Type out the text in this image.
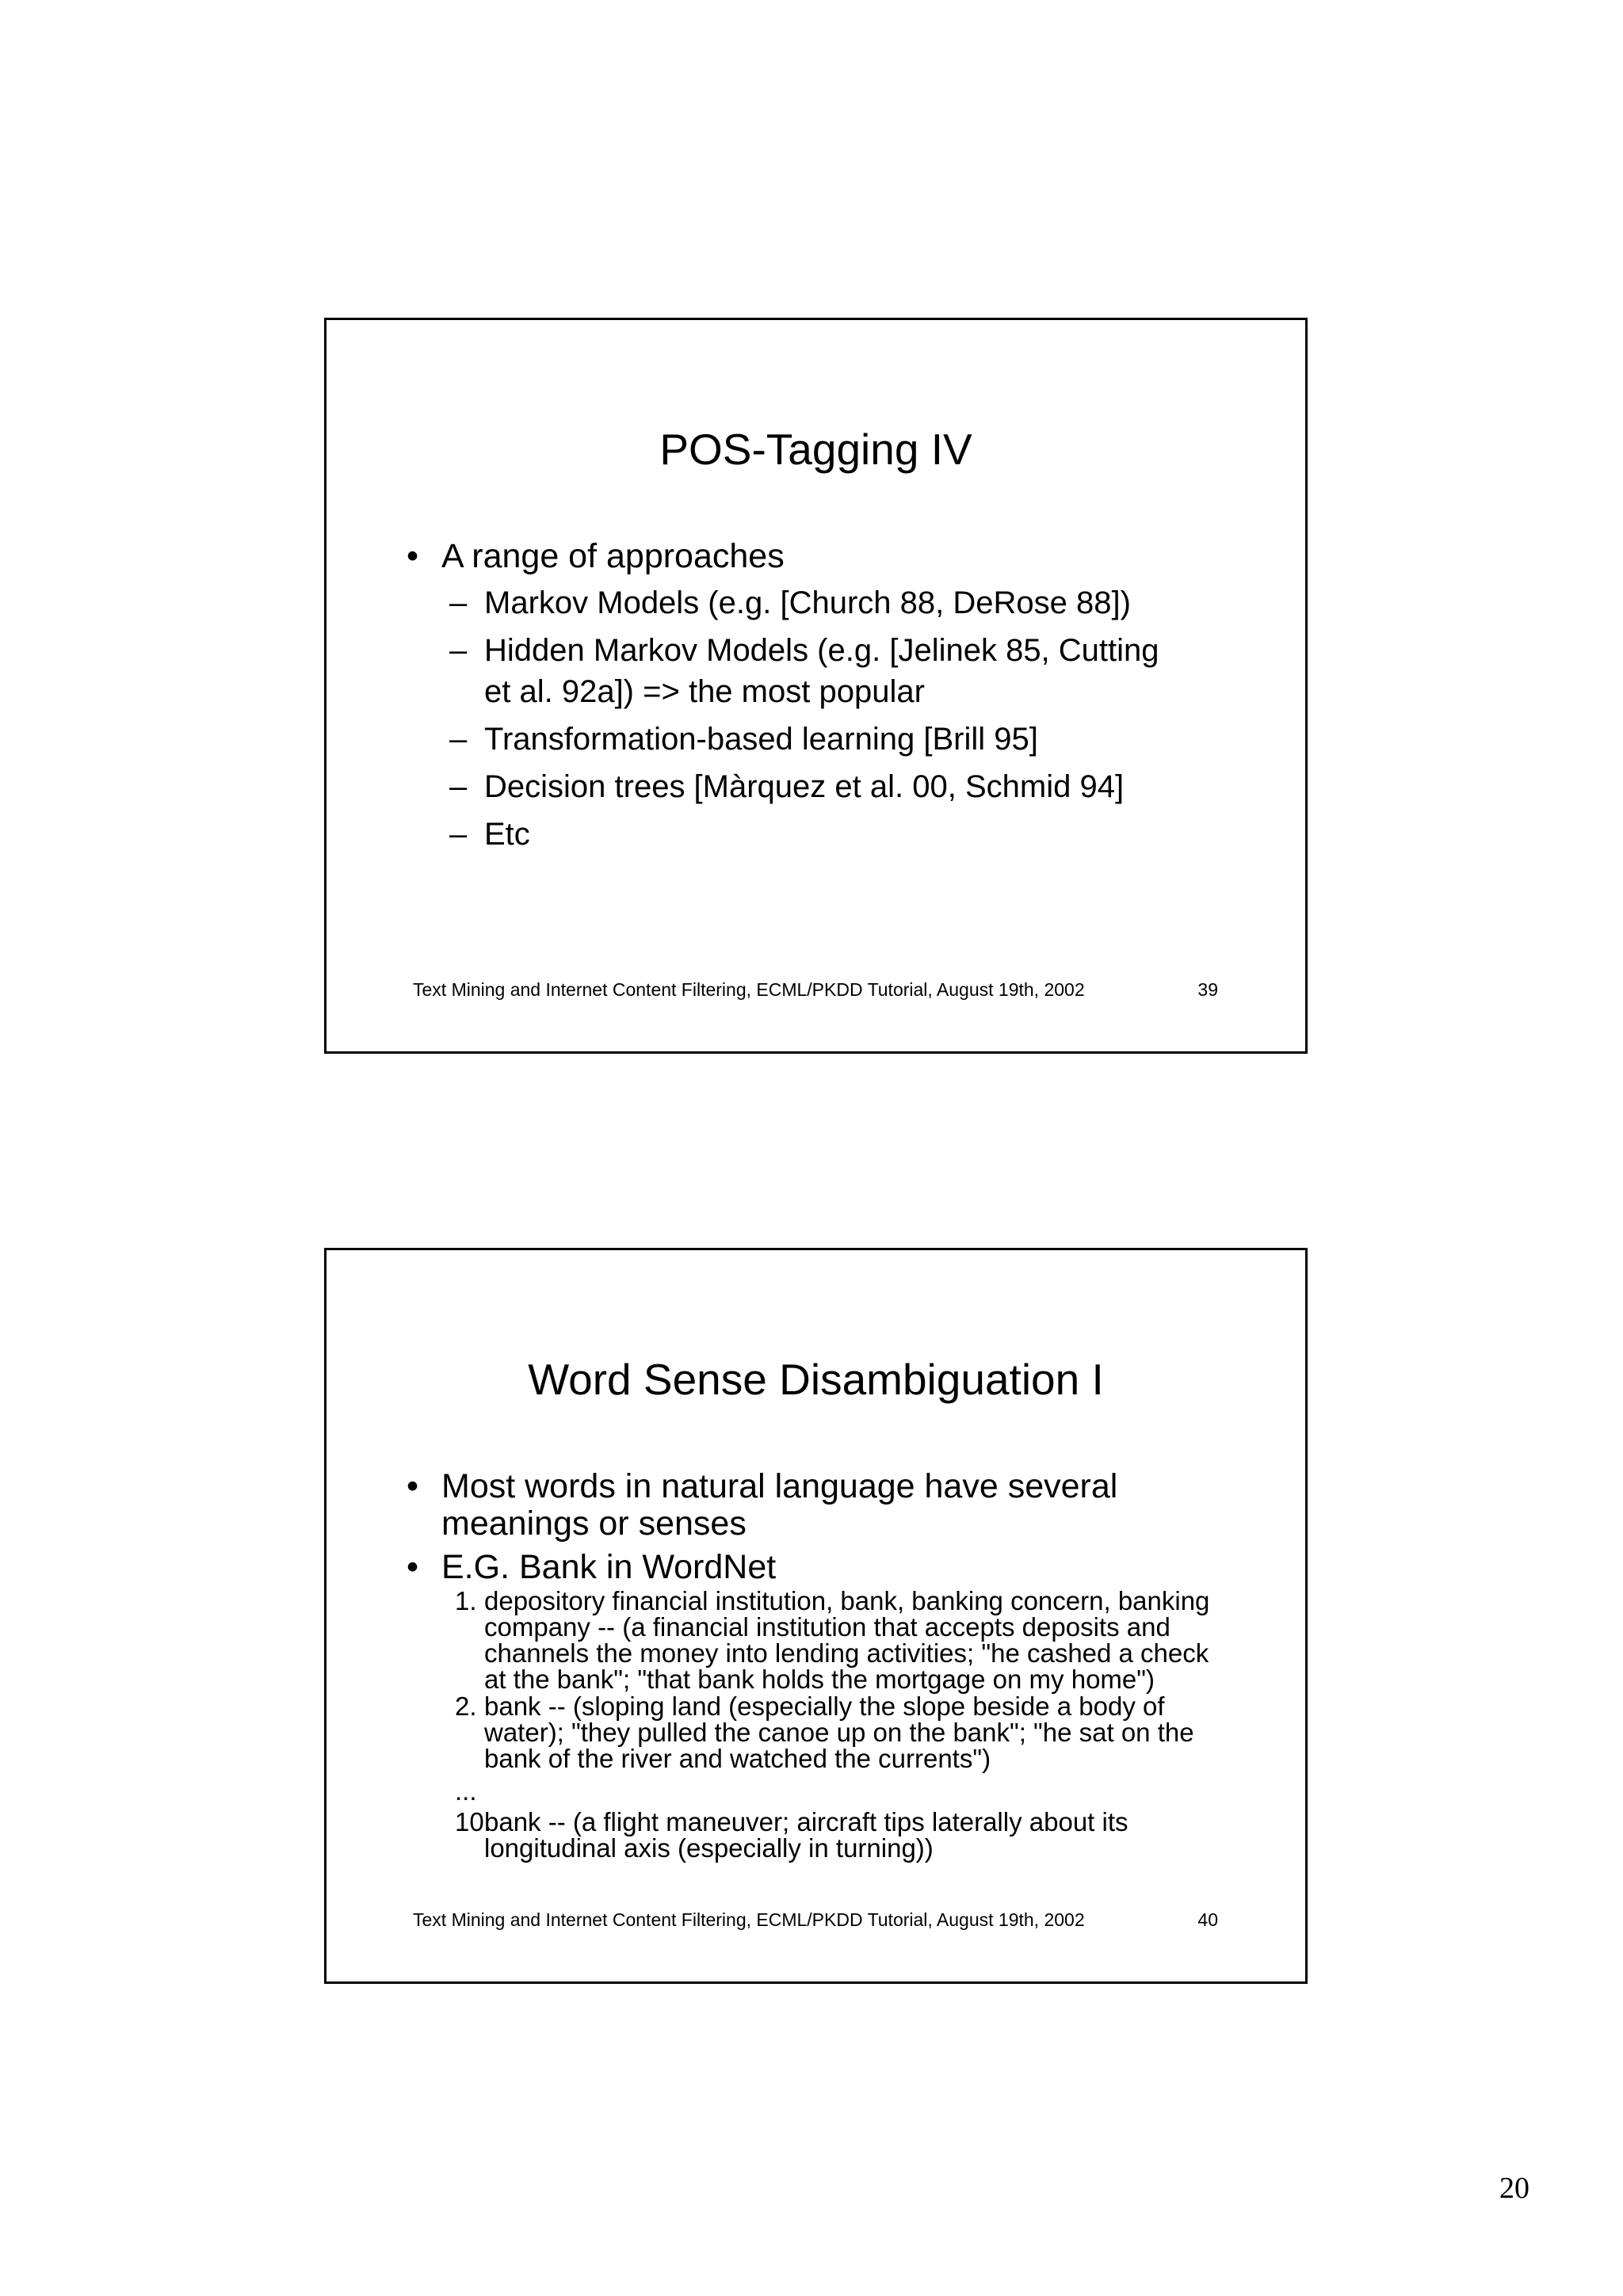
POS-Tagging IV
• A range of approaches
– Markov Models (e.g. [Church 88, DeRose 88])
– Hidden Markov Models (e.g. [Jelinek 85, Cutting et al. 92a]) => the most popular
– Transformation-based learning [Brill 95]
– Decision trees [Màrquez et al. 00, Schmid 94]
– Etc
Text Mining and Internet Content Filtering, ECML/PKDD Tutorial, August 19th, 2002	39
Word Sense Disambiguation I
• Most words in natural language have several meanings or senses
• E.G. Bank in WordNet
1. depository financial institution, bank, banking concern, banking company -- (a financial institution that accepts deposits and channels the money into lending activities; "he cashed a check at the bank"; "that bank holds the mortgage on my home")
2. bank -- (sloping land (especially the slope beside a body of water); "they pulled the canoe up on the bank"; "he sat on the bank of the river and watched the currents")
...
10.
bank -- (a flight maneuver; aircraft tips laterally about its longitudinal axis (especially in turning))
Text Mining and Internet Content Filtering, ECML/PKDD Tutorial, August 19th, 2002	40
20
